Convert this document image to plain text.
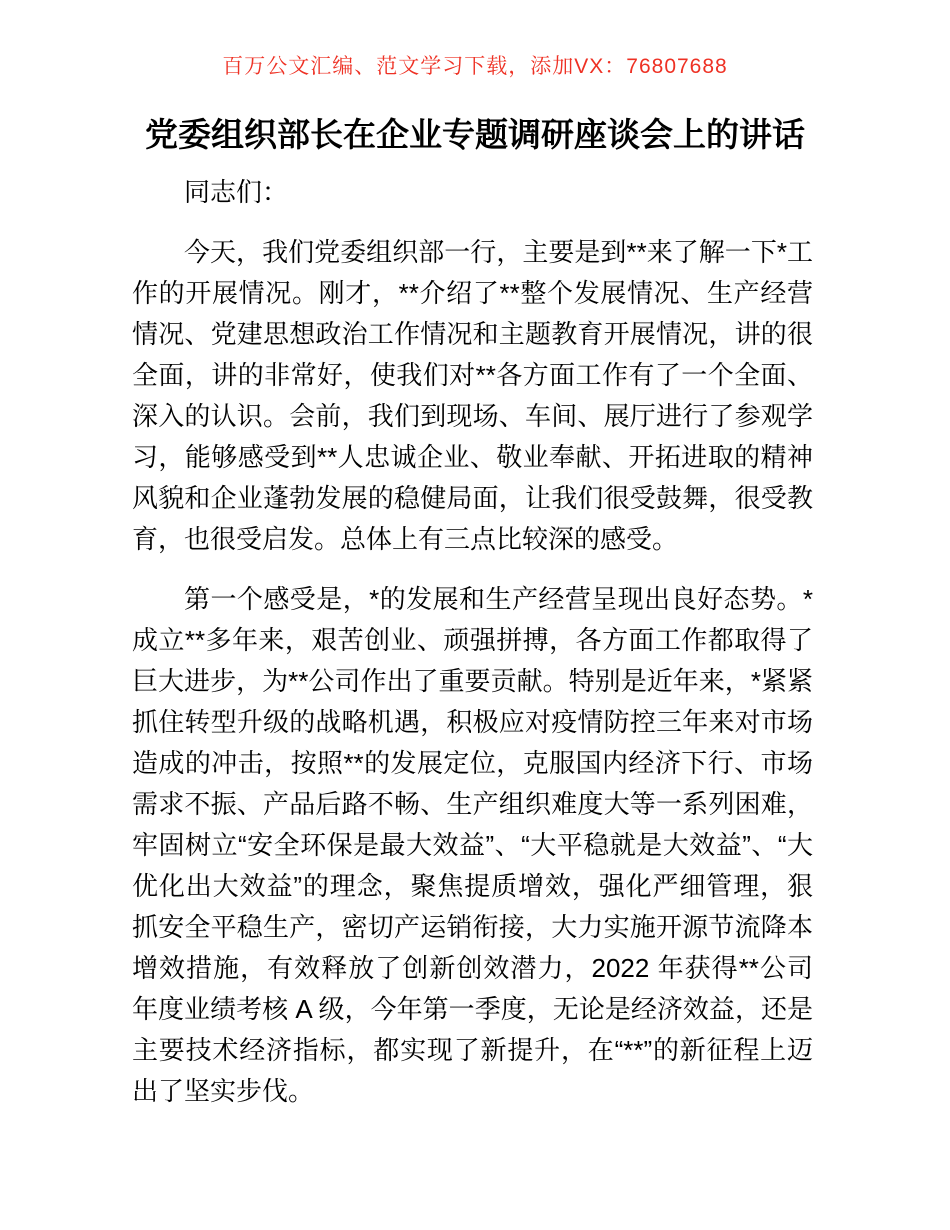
百万公文汇编、范文学习下载，添加VX：76807688
党委组织部长在企业专题调研座谈会上的讲话

同志们：

今天，我们党委组织部一行，主要是到**来了解一下*工作的开展情况。刚才，**介绍了**整个发展情况、生产经营情况、党建思想政治工作情况和主题教育开展情况，讲的很全面，讲的非常好，使我们对**各方面工作有了一个全面、深入的认识。会前，我们到现场、车间、展厅进行了参观学习，能够感受到**人忠诚企业、敬业奉献、开拓进取的精神风貌和企业蓬勃发展的稳健局面，让我们很受鼓舞，很受教育，也很受启发。总体上有三点比较深的感受。

第一个感受是，*的发展和生产经营呈现出良好态势。*成立**多年来，艰苦创业、顽强拼搏，各方面工作都取得了巨大进步，为**公司作出了重要贡献。特别是近年来，*紧紧抓住转型升级的战略机遇，积极应对疫情防控三年来对市场造成的冲击，按照**的发展定位，克服国内经济下行、市场需求不振、产品后路不畅、生产组织难度大等一系列困难，牢固树立“安全环保是最大效益”、“大平稳就是大效益”、“大优化出大效益”的理念，聚焦提质增效，强化严细管理，狠抓安全平稳生产，密切产运销衔接，大力实施开源节流降本增效措施，有效释放了创新创效潜力，2022 年获得**公司年度业绩考核 A 级，今年第一季度，无论是经济效益，还是主要技术经济指标，都实现了新提升，在“**”的新征程上迈出了坚实步伐。
